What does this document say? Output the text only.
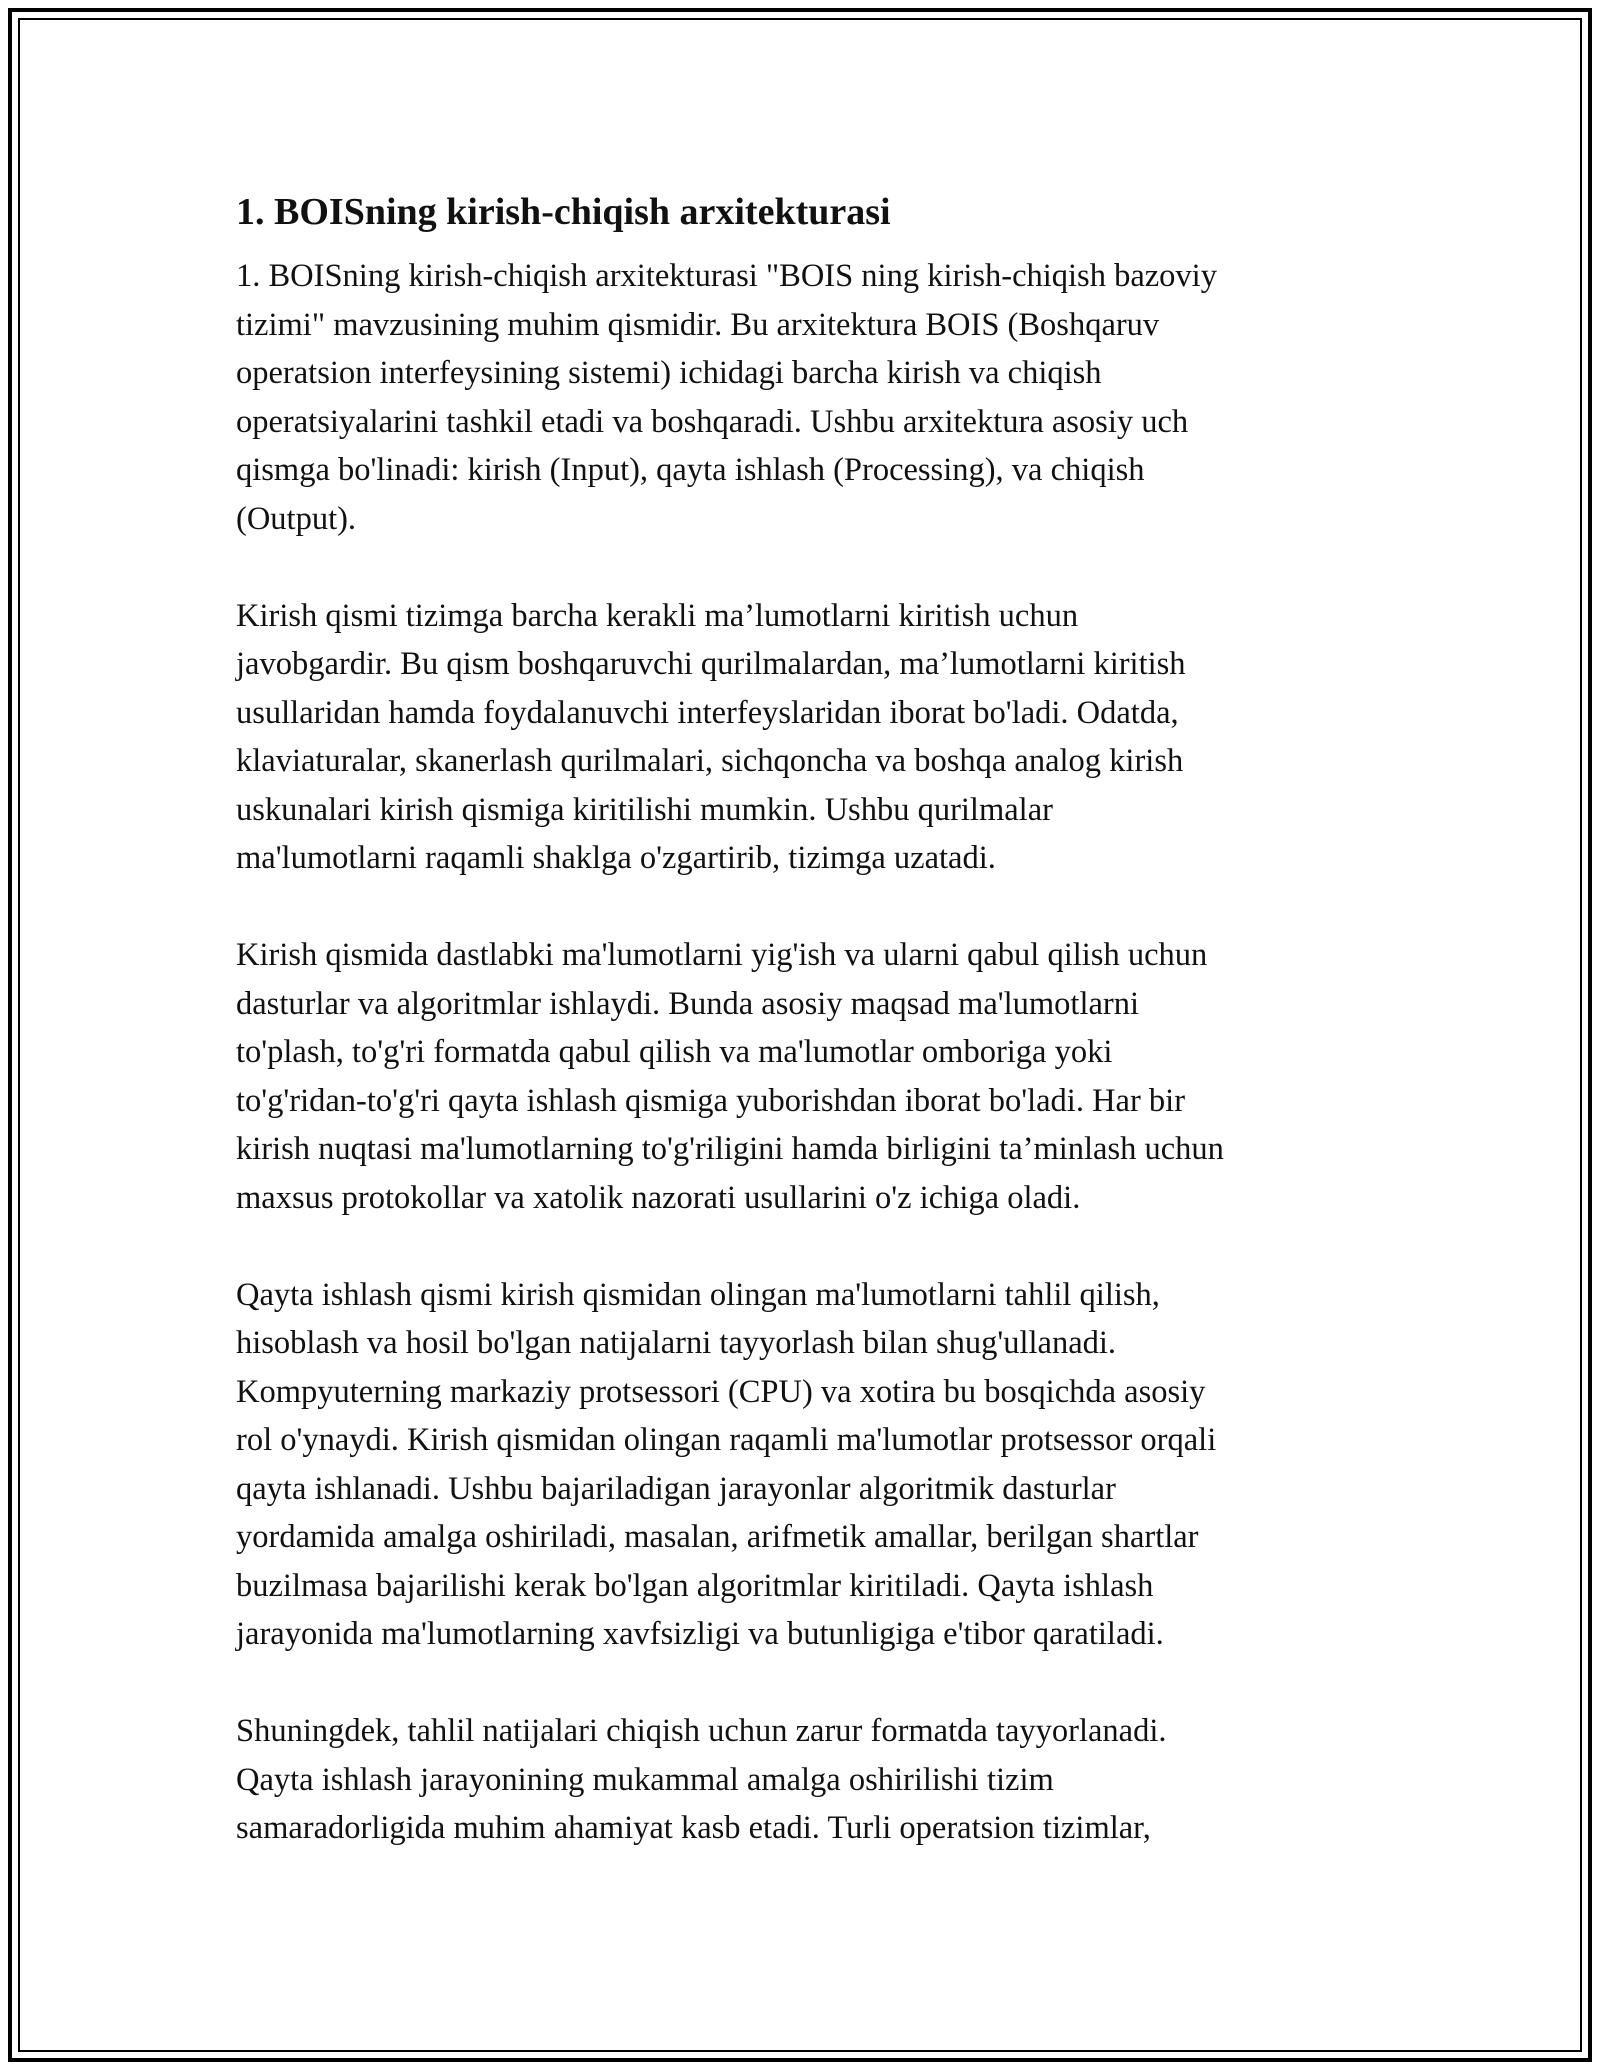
1. BOISning kirish-chiqish arxitekturasi

1. BOISning kirish-chiqish arxitekturasi "BOIS ning kirish-chiqish bazoviy
tizimi" mavzusining muhim qismidir. Bu arxitektura BOIS (Boshqaruv
operatsion interfeysining sistemi) ichidagi barcha kirish va chiqish
operatsiyalarini tashkil etadi va boshqaradi. Ushbu arxitektura asosiy uch
qismga bo'linadi: kirish (Input), qayta ishlash (Processing), va chiqish
(Output).

Kirish qismi tizimga barcha kerakli ma’lumotlarni kiritish uchun
javobgardir. Bu qism boshqaruvchi qurilmalardan, ma’lumotlarni kiritish
usullaridan hamda foydalanuvchi interfeyslaridan iborat bo'ladi. Odatda,
klaviaturalar, skanerlash qurilmalari, sichqoncha va boshqa analog kirish
uskunalari kirish qismiga kiritilishi mumkin. Ushbu qurilmalar
ma'lumotlarni raqamli shaklga o'zgartirib, tizimga uzatadi.

Kirish qismida dastlabki ma'lumotlarni yig'ish va ularni qabul qilish uchun
dasturlar va algoritmlar ishlaydi. Bunda asosiy maqsad ma'lumotlarni
to'plash, to'g'ri formatda qabul qilish va ma'lumotlar omboriga yoki
to'g'ridan-to'g'ri qayta ishlash qismiga yuborishdan iborat bo'ladi. Har bir
kirish nuqtasi ma'lumotlarning to'g'riligini hamda birligini ta’minlash uchun
maxsus protokollar va xatolik nazorati usullarini o'z ichiga oladi.

Qayta ishlash qismi kirish qismidan olingan ma'lumotlarni tahlil qilish,
hisoblash va hosil bo'lgan natijalarni tayyorlash bilan shug'ullanadi.
Kompyuterning markaziy protsessori (CPU) va xotira bu bosqichda asosiy
rol o'ynaydi. Kirish qismidan olingan raqamli ma'lumotlar protsessor orqali
qayta ishlanadi. Ushbu bajariladigan jarayonlar algoritmik dasturlar
yordamida amalga oshiriladi, masalan, arifmetik amallar, berilgan shartlar
buzilmasa bajarilishi kerak bo'lgan algoritmlar kiritiladi. Qayta ishlash
jarayonida ma'lumotlarning xavfsizligi va butunligiga e'tibor qaratiladi.

Shuningdek, tahlil natijalari chiqish uchun zarur formatda tayyorlanadi.
Qayta ishlash jarayonining mukammal amalga oshirilishi tizim
samaradorligida muhim ahamiyat kasb etadi. Turli operatsion tizimlar,
